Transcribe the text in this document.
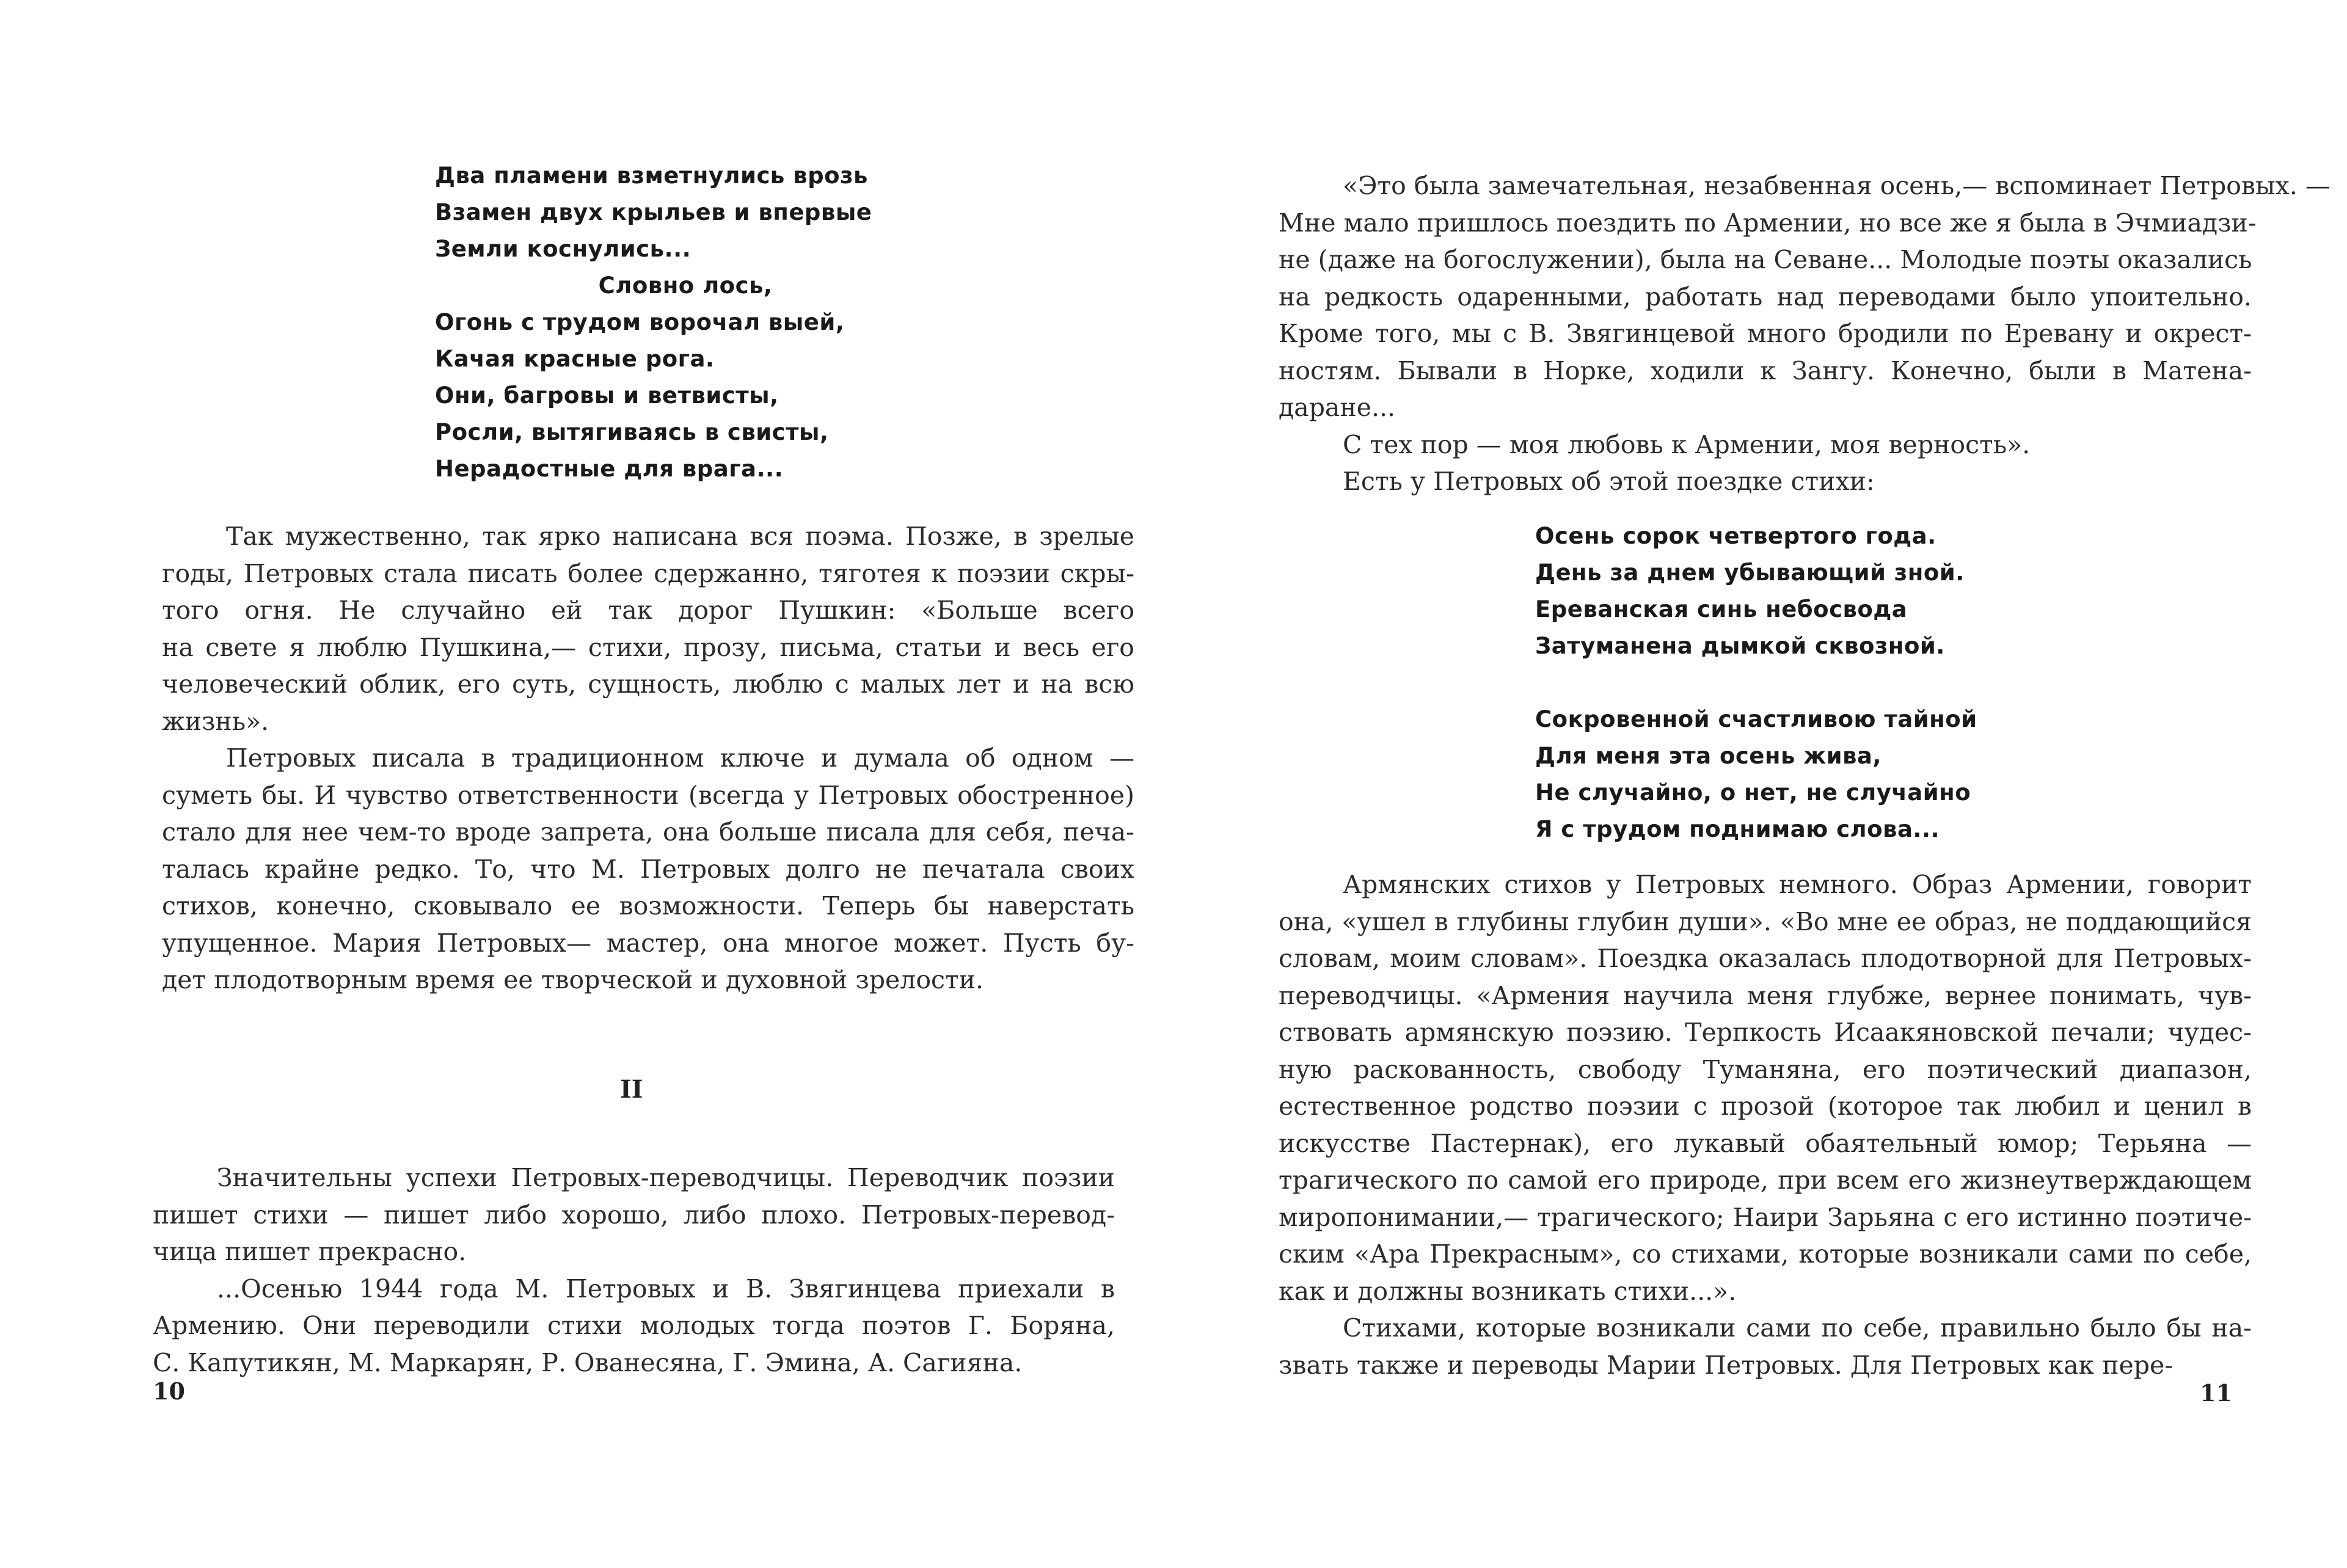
Два пламени взметнулись врозь
Взамен двух крыльев и впервые
Земли коснулись...
Словно лось,
Огонь с трудом ворочал выей,
Качая красные рога.
Они, багровы и ветвисты,
Росли, вытягиваясь в свисты,
Нерадостные для врага...

Так мужественно, так ярко написана вся поэма. Позже, в зрелые
годы, Петровых стала писать более сдержанно, тяготея к поэзии скры-
того огня. Не случайно ей так дорог Пушкин: «Больше всего
на свете я люблю Пушкина,— стихи, прозу, письма, статьи и весь его
человеческий облик, его суть, сущность, люблю с малых лет и на всю
жизнь».

Петровых писала в традиционном ключе и думала об одном —
суметь бы. И чувство ответственности (всегда у Петровых обостренное)
стало для нее чем-то вроде запрета, она больше писала для себя, печа-
талась крайне редко. То, что М. Петровых долго не печатала своих
стихов, конечно, сковывало ее возможности. Теперь бы наверстать
упущенное. Мария Петровых— мастер, она многое может. Пусть бу-
дет плодотворным время ее творческой и духовной зрелости.

II

Значительны успехи Петровых-переводчицы. Переводчик поэзии
пишет стихи — пишет либо хорошо, либо плохо. Петровых-перевод-
чица пишет прекрасно.

...Осенью 1944 года М. Петровых и В. Звягинцева приехали в
Армению. Они переводили стихи молодых тогда поэтов Г. Боряна,
С. Капутикян, М. Маркарян, Р. Ованесяна, Г. Эмина, А. Сагияна.

10

«Это была замечательная, незабвенная осень,— вспоминает Петровых. —
Мне мало пришлось поездить по Армении, но все же я была в Эчмиадзи-
не (даже на богослужении), была на Севане... Молодые поэты оказались
на редкость одаренными, работать над переводами было упоительно.
Кроме того, мы с В. Звягинцевой много бродили по Еревану и окрест-
ностям. Бывали в Норке, ходили к Зангу. Конечно, были в Матена-
даране...

С тех пор — моя любовь к Армении, моя верность».

Есть у Петровых об этой поездке стихи:

Осень сорок четвертого года.
День за днем убывающий зной.
Ереванская синь небосвода
Затуманена дымкой сквозной.
Сокровенной счастливою тайной
Для меня эта осень жива,
Не случайно, о нет, не случайно
Я с трудом поднимаю слова...

Армянских стихов у Петровых немного. Образ Армении, говорит
она, «ушел в глубины глубин души». «Во мне ее образ, не поддающийся
словам, моим словам». Поездка оказалась плодотворной для Петровых-
переводчицы. «Армения научила меня глубже, вернее понимать, чув-
ствовать армянскую поэзию. Терпкость Исаакяновской печали; чудес-
ную раскованность, свободу Туманяна, его поэтический диапазон,
естественное родство поэзии с прозой (которое так любил и ценил в
искусстве Пастернак), его лукавый обаятельный юмор; Терьяна —
трагического по самой его природе, при всем его жизнеутверждающем
миропонимании,— трагического; Наири Зарьяна с его истинно поэтиче-
ским «Ара Прекрасным», со стихами, которые возникали сами по себе,
как и должны возникать стихи...».

Стихами, которые возникали сами по себе, правильно было бы на-
звать также и переводы Марии Петровых. Для Петровых как пере-

11
